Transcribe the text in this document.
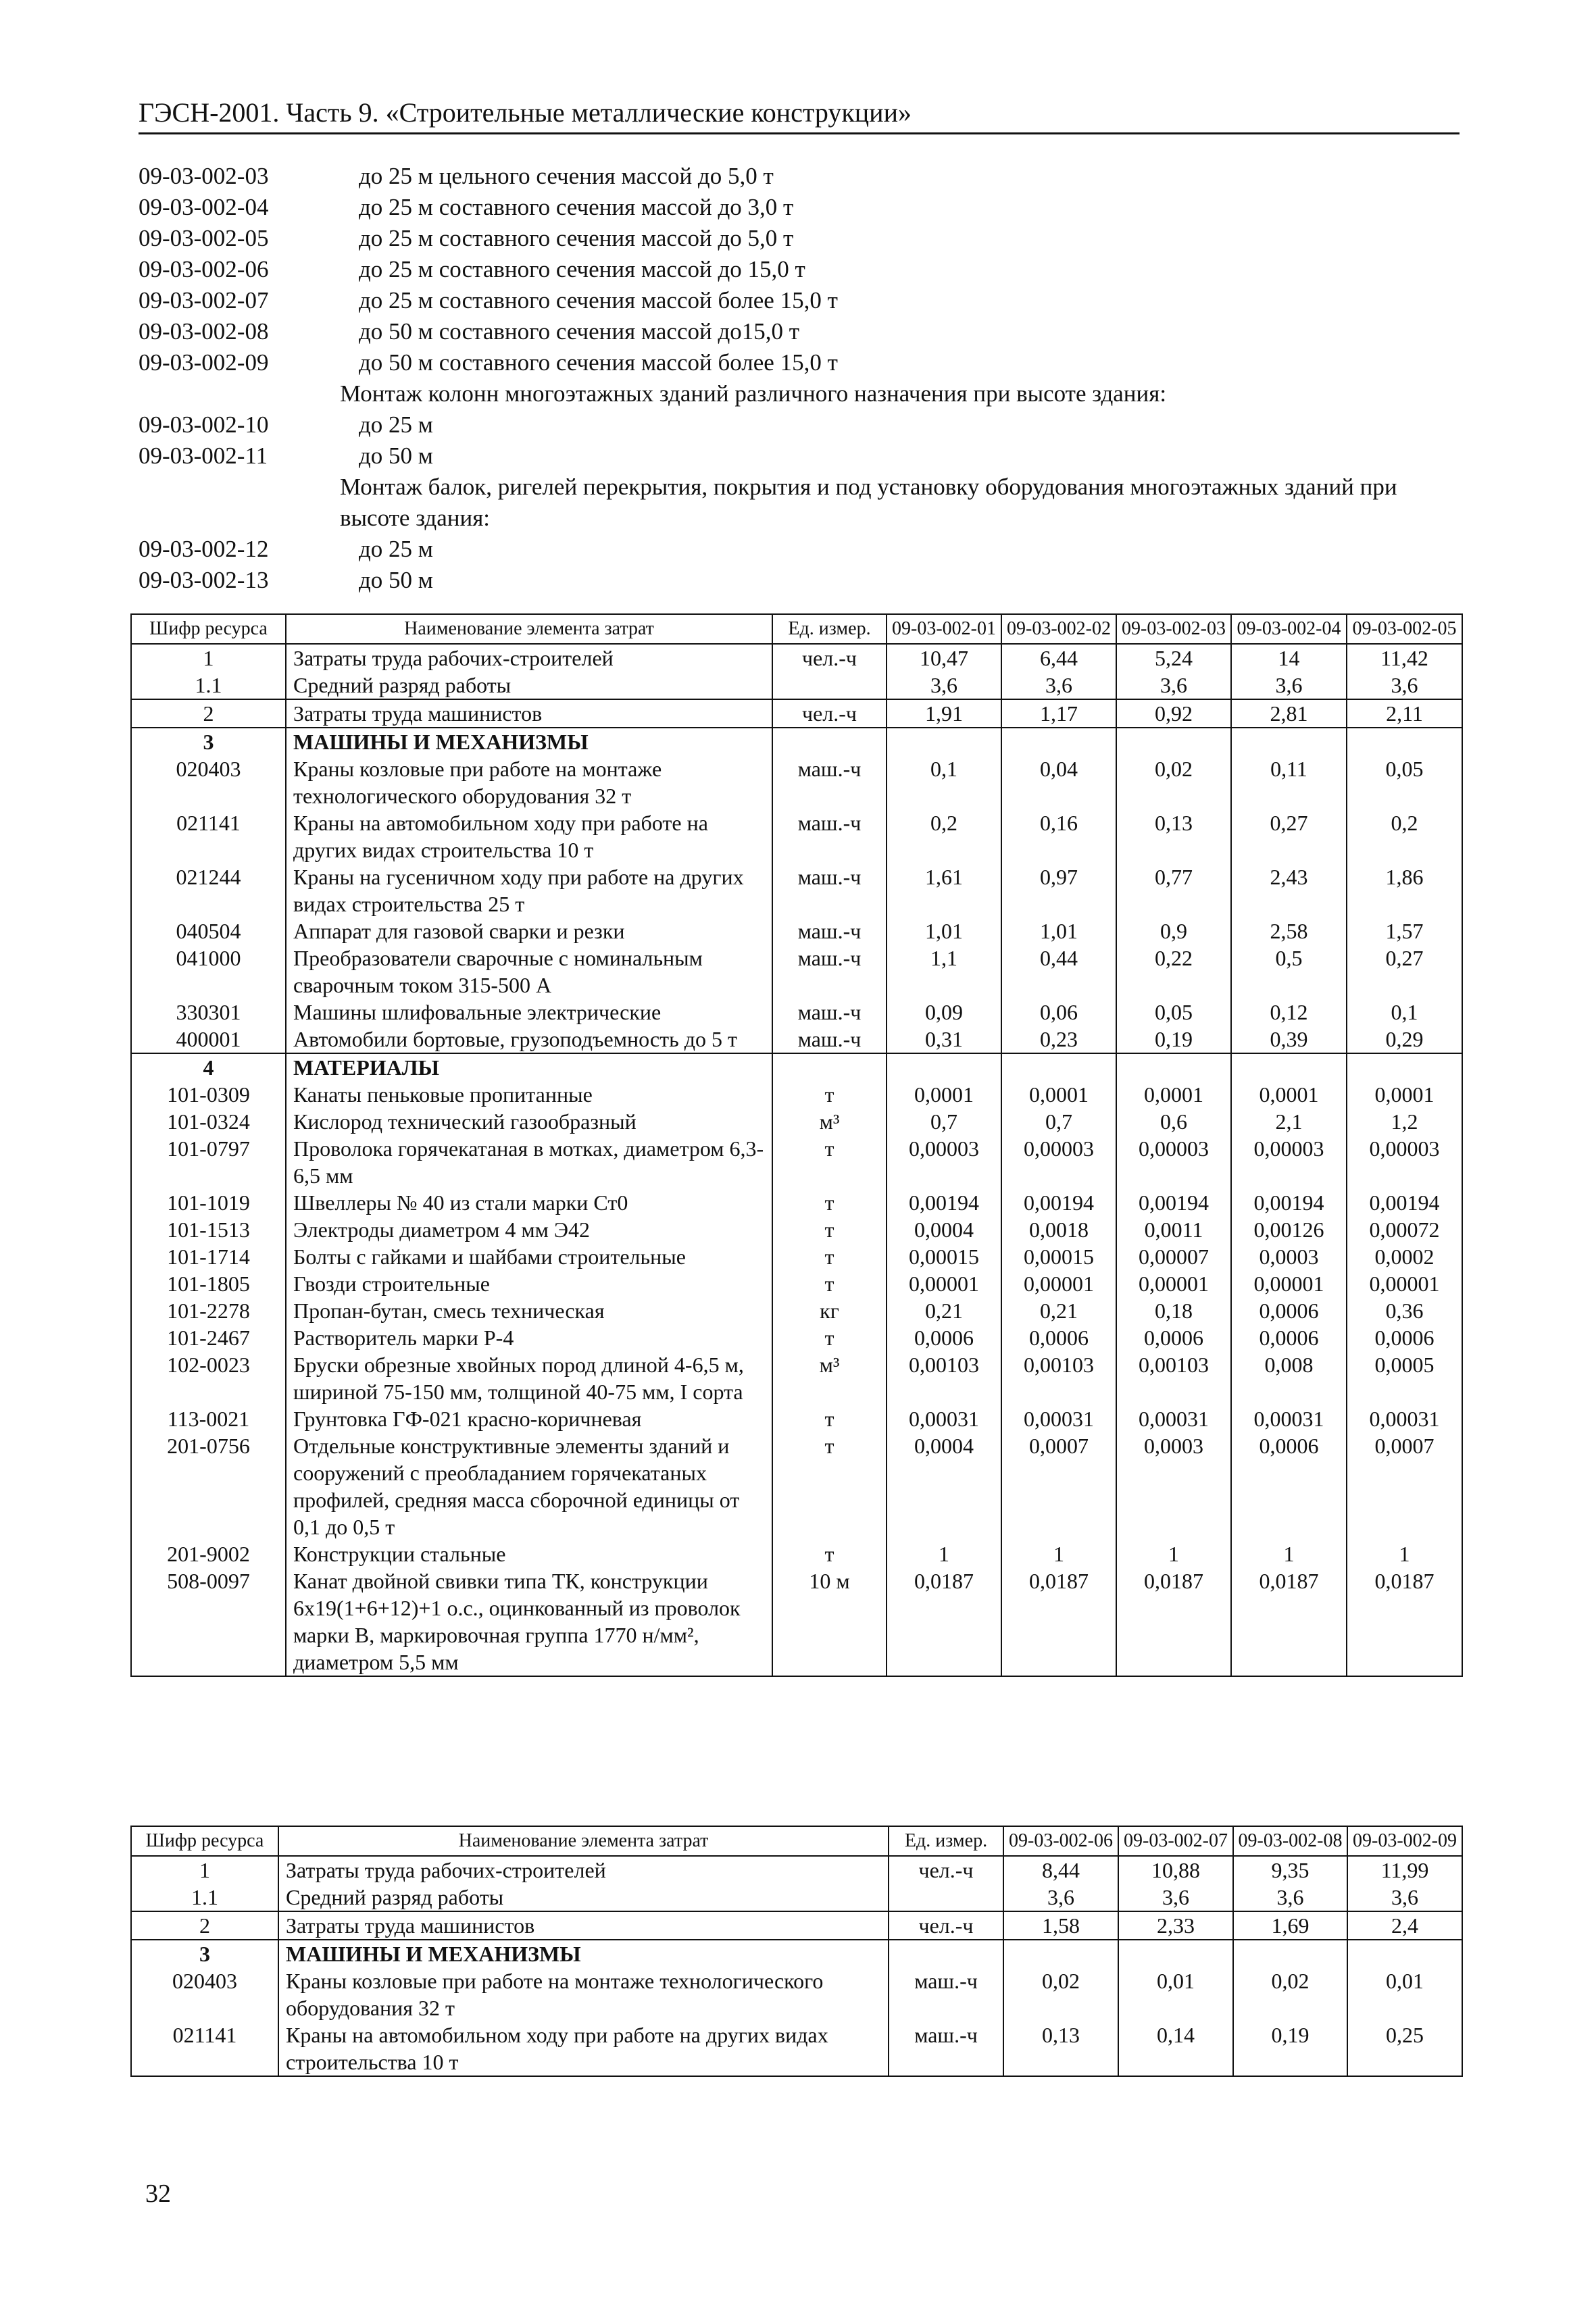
ГЭСН-2001. Часть 9. «Строительные металлические конструкции»
09-03-002-03	до 25 м цельного сечения массой до 5,0 т
09-03-002-04	до 25 м составного сечения массой до 3,0 т
09-03-002-05	до 25 м составного сечения массой до 5,0 т
09-03-002-06	до 25 м составного сечения массой до 15,0 т
09-03-002-07	до 25 м составного сечения массой более 15,0 т
09-03-002-08	до 50 м составного сечения массой до15,0 т
09-03-002-09	до 50 м составного сечения массой более 15,0 т
Монтаж колонн многоэтажных зданий различного назначения при высоте здания:
09-03-002-10	до 25 м
09-03-002-11	до 50 м
Монтаж балок, ригелей перекрытия, покрытия и под установку оборудования многоэтажных зданий при высоте здания:
09-03-002-12	до 25 м
09-03-002-13	до 50 м
Шифр ресурса	Наименование элемента затрат	Ед. измер.	09-03-002-01	09-03-002-02	09-03-002-03	09-03-002-04	09-03-002-05
1	Затраты труда рабочих-строителей	чел.-ч	10,47	6,44	5,24	14	11,42
1.1	Средний разряд работы		3,6	3,6	3,6	3,6	3,6
2	Затраты труда машинистов	чел.-ч	1,91	1,17	0,92	2,81	2,11
3	МАШИНЫ И МЕХАНИЗМЫ						
020403	Краны козловые при работе на монтаже технологического оборудования 32 т	маш.-ч	0,1	0,04	0,02	0,11	0,05
021141	Краны на автомобильном ходу при работе на других видах строительства 10 т	маш.-ч	0,2	0,16	0,13	0,27	0,2
021244	Краны на гусеничном ходу при работе на других видах строительства 25 т	маш.-ч	1,61	0,97	0,77	2,43	1,86
040504	Аппарат для газовой сварки и резки	маш.-ч	1,01	1,01	0,9	2,58	1,57
041000	Преобразователи сварочные с номинальным сварочным током 315-500 А	маш.-ч	1,1	0,44	0,22	0,5	0,27
330301	Машины шлифовальные электрические	маш.-ч	0,09	0,06	0,05	0,12	0,1
400001	Автомобили бортовые, грузоподъемность до 5 т	маш.-ч	0,31	0,23	0,19	0,39	0,29
4	МАТЕРИАЛЫ						
101-0309	Канаты пеньковые пропитанные	т	0,0001	0,0001	0,0001	0,0001	0,0001
101-0324	Кислород технический газообразный	м³	0,7	0,7	0,6	2,1	1,2
101-0797	Проволока горячекатаная в мотках, диаметром 6,3-6,5 мм	т	0,00003	0,00003	0,00003	0,00003	0,00003
101-1019	Швеллеры № 40 из стали марки Ст0	т	0,00194	0,00194	0,00194	0,00194	0,00194
101-1513	Электроды диаметром 4 мм Э42	т	0,0004	0,0018	0,0011	0,00126	0,00072
101-1714	Болты с гайками и шайбами строительные	т	0,00015	0,00015	0,00007	0,0003	0,0002
101-1805	Гвозди строительные	т	0,00001	0,00001	0,00001	0,00001	0,00001
101-2278	Пропан-бутан, смесь техническая	кг	0,21	0,21	0,18	0,0006	0,36
101-2467	Растворитель марки Р-4	т	0,0006	0,0006	0,0006	0,0006	0,0006
102-0023	Бруски обрезные хвойных пород длиной 4-6,5 м, шириной 75-150 мм, толщиной 40-75 мм, I сорта	м³	0,00103	0,00103	0,00103	0,008	0,0005
113-0021	Грунтовка ГФ-021 красно-коричневая	т	0,00031	0,00031	0,00031	0,00031	0,00031
201-0756	Отдельные конструктивные элементы зданий и сооружений с преобладанием горячекатаных профилей, средняя масса сборочной единицы от 0,1 до 0,5 т	т	0,0004	0,0007	0,0003	0,0006	0,0007
201-9002	Конструкции стальные	т	1	1	1	1	1
508-0097	Канат двойной свивки типа ТК, конструкции 6х19(1+6+12)+1 о.с., оцинкованный из проволок марки В, маркировочная группа 1770 н/мм², диаметром 5,5 мм	10 м	0,0187	0,0187	0,0187	0,0187	0,0187
Шифр ресурса	Наименование элемента затрат	Ед. измер.	09-03-002-06	09-03-002-07	09-03-002-08	09-03-002-09
1	Затраты труда рабочих-строителей	чел.-ч	8,44	10,88	9,35	11,99
1.1	Средний разряд работы		3,6	3,6	3,6	3,6
2	Затраты труда машинистов	чел.-ч	1,58	2,33	1,69	2,4
3	МАШИНЫ И МЕХАНИЗМЫ					
020403	Краны козловые при работе на монтаже технологического оборудования 32 т	маш.-ч	0,02	0,01	0,02	0,01
021141	Краны на автомобильном ходу при работе на других видах строительства 10 т	маш.-ч	0,13	0,14	0,19	0,25
32
